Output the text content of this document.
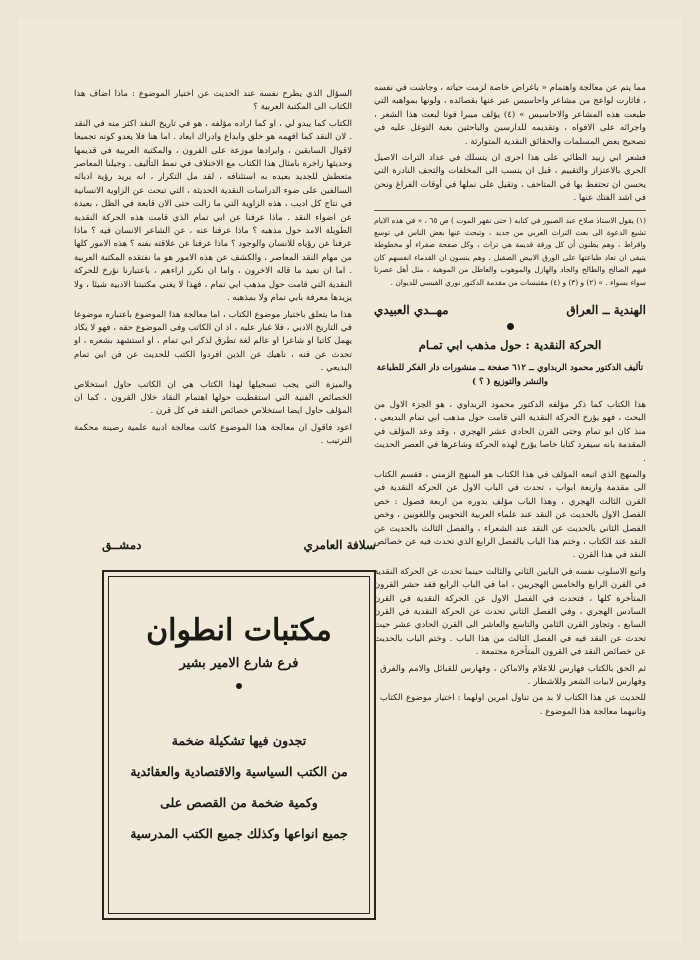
مما يتم عن معالجة واهتمام « باغراض خاصة لزمت حياته ، وجاشت في نفسه ، فاثارت لواعج من مشاعر واحاسيس عبر عنها بقصائده ، ولونها بمواهبه التي طبعت هذه المشاعر والاحاسيس » (٤) يؤلف ميبرا فونا لبعث هذا الشعر ، واجرائه على الافواه ، وتقديمه للدارسين والباحثين بغية التوغل عليه في تصحيح بعض المسلمات والحقائق النقدية المتوارثة .

فشعر ابي زبيد الطائي على هذا احرى ان يتسلك في عداد التراث الاصيل الحري بالاعتزاز والتقييم ، قبل ان ينسب الى المخلفات والتحف النادرة التي يحسن ان تحتفظ بها في المتاحف ، وتقيل على نملها في أوقات الفراغ ونحن في اشد الفتك عنها .

(١) يقول الاستاذ صلاح عبد الصبور في كتابه ( حتى نقهر الموت ) ص ٦٥ ، « في هذه الايام تشيع الدعوة الى بعث التراث العربي من جديد ، وتبحث عنها بعض الناس في توسع واقراط ، وهم يظنون أن كل ورقة قديمة هي تراث ، وكل صفحة صفراء أو مخطوطة يتبقى ان تعاد طباعتها على الورق الابيض الصقيل . وهم ينسون ان القدماء انفسهم كان فيهم الصالح والطالح والجاد والهازل والموهوب والعاطل من الموهبة ، مثل أهل عصرنا سواء بسواء . » (٢) و (٣) و (٤) مقتبسات من مقدمة الدكتور نوري القيسي للديوان .

الهندية ــ العراق
مهــدي العبيدي
الحركة النقدية : حول مذهب ابي تمـام
تأليف الدكتور محمود الربداوي ــ ٦١٢ صفحة ــ منشورات دار الفكر للطباعة والنشر والتوزيع ( ؟ )

هذا الكتاب كما ذكر مؤلفه الدكتور محمود الربداوي ، هو الجزء الاول من البحث ، فهو يؤرخ الحركة النقدية التي قامت حول مذهب ابي تمام البديعي ، منذ كان ابو تمام وحتى القرن الحادي عشر الهجري ، وقد وعد المؤلف في المقدمة بانه سيفرد كتابا خاصا يؤرخ لهذه الحركة وشاعرها في العصر الحديث .

والمنهج الذي اتبعه المؤلف في هذا الكتاب هو المنهج الزمني ، فقسم الكتاب الى مقدمة واربعة ابواب ، تحدث في الباب الاول عن الحركة النقدية في القرن الثالث الهجري ، وهذا الباب مؤلف بدوره من اربعة فصول : خص الفصل الاول بالحديث عن النقد عند علماء العربية التحويين واللغويين ، وخص الفصل الثاني بالحديث عن النقد عند الشعراء ، والفصل الثالث بالحديث عن النقد عند الكتاب ، وختم هذا الباب بالفصل الرابع الذي تحدث فيه عن خصائص النقد في هذا القرن .

واتبع الاسلوب نفسه في البابين الثاني والثالث حينما تحدث عن الحركة النقدية في القرن الرابع والخامس الهجريين ، اما في الباب الرابع فقد حشر القرون المتأخرة كلها ، فتحدث في الفصل الاول عن الحركة النقدية في القرن السادس الهجري ، وفي الفصل الثاني تحدث عن الحركة النقدية في القرن السابع ، وتجاوز القرن الثامن والتاسع والعاشر الى القرن الحادي عشر حيث تحدث عن النقد فيه في الفصل الثالث من هذا الباب . وختم الباب بالحديث عن خصائص النقد في القرون المتأخرة مجتمعة .

ثم الحق بالكتاب فهارس للاعلام والاماكن ، وفهارس للقبائل والامم والفرق ، وفهارس لابيات الشعر وللاشطار .

للحديث عن هذا الكتاب لا بد من تناول امرين اولهما : اختيار موضوع الكتاب ، وثانيهما معالجة هذا الموضوع .

السؤال الذي يطرح نفسه عند الحديث عن اختيار الموضوع : ماذا اضاف هذا الكتاب الى المكتبة العربية ؟

الكتاب كما يبدو لي ، او كما اراده مؤلفه ، هو في تاريخ النقد اكثر منه في النقد . لان النقد كما افهمه هو خلق وابداع وادراك ابعاد . اما هنا فلا يعدو كونه تجميعا لاقوال السابقين ، وايرادها موزعة على القرون ، والمكتبة العربية في قديمها وحديثها زاخرة بامثال هذا الكتاب مع الاختلاف في نمط التأليف . وجيلنا المعاصر متعطش للجديد بعيده به استئنافه ، لقد مل التكرار ، انه يريد رؤية ادبائه السالفين على ضوء الدراسات النقدية الحديثة ، التي تبحث عن الزاوية الانسانية في نتاج كل اديب ، هذه الزاوية التي ما زالت حتى الان قابعة في الظل ، بعيدة عن اضواء النقد . ماذا عرفنا عن ابي تمام الذي قامت هذه الحركة النقدية الطويلة الامد حول مذهبه ؟ ماذا عرفنا عنه ، عن الشاعر الانسان فيه ؟ ماذا عرفنا عن رؤياه للانسان والوجود ؟ ماذا عرفنا عن علاقته بفنه ؟ هذه الامور كلها من مهام النقد المعاصر ، والكشف عن هذه الامور هو ما نفتقده المكتبة العربية . اما ان نعيد ما قاله الاخرون ، واما ان نكرر اراءهم ، باعتبارنا نؤرخ للحركة النقدية التي قامت حول مذهب ابي تمام ، فهذا لا يغني مكتبتنا الادبية شيئا ، ولا يزيدها معرفة بابي تمام ولا بمذهبه .

هذا ما يتعلق باختيار موضوع الكتاب ، اما معالجة هذا الموضوع باعتباره موضوعا في التاريخ الادبي ، فلا غبار عليه ، اذ ان الكاتب وفى الموضوع حقه ، فهو لا يكاد يهمل كاتبا او شاعرا او عالم لغة تطرق لذكر ابي تمام ، او استشهد بشعره ، او تحدث عن فنه ، ناهيك عن الذين افردوا الكتب للحديث عن فن ابي تمام البديعي .

والميزة التي يجب تسجيلها لهذا الكتاب هي ان الكاتب حاول استخلاص الخصائص الفنية التي استقطبت حولها اهتمام النقاد خلال القرون ، كما ان المؤلف حاول ايضا استخلاص خصائص النقد في كل قرن .

اعود فاقول ان معالجة هذا الموضوع كانت معالجة ادبية علمية رصينة محكمة الترتيب .

سلافة العامري
دمشــق
مكتبات انطوان
فرع شارع الامير بشير
تجدون فيها تشكيلة ضخمة
من الكتب السياسية والاقتصادية والعقائدية
وكمية ضخمة من القصص على
جميع انواعها وكذلك جميع الكتب المدرسية
